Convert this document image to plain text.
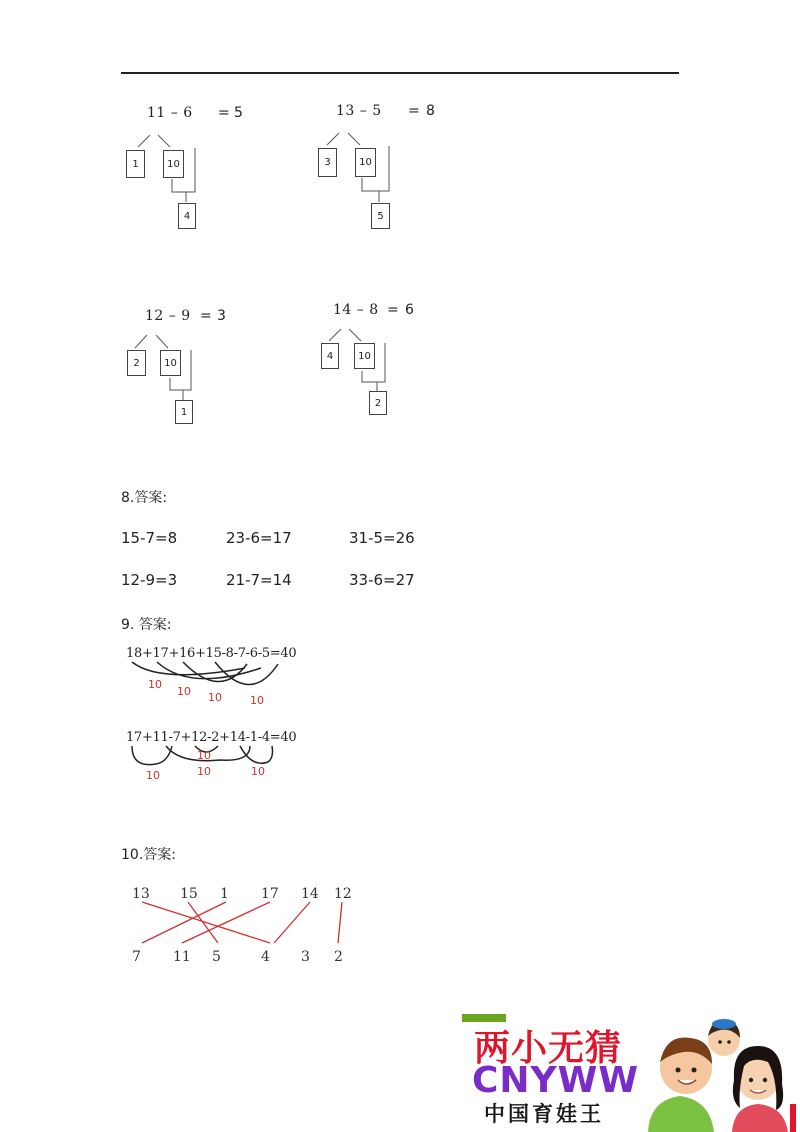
11 – 6 = 5
1	10
4
13 – 5 = 8
3	10
5
12 – 9 = 3
2	10
1
14 – 8 = 6
4	10
2
8.答案:
15-7=8	23-6=17	31-5=26
12-9=3	21-7=14	33-6=27
9. 答案:
18+17+16+15-8-7-6-5=40
10
10 10	10
17+11-7+12-2+14-1-4=40
10
10
10	10
10.答案:
13 15 1 17 14 12
7 11 5	4 3 2
两小无猜
CNYWW
中国育娃王
